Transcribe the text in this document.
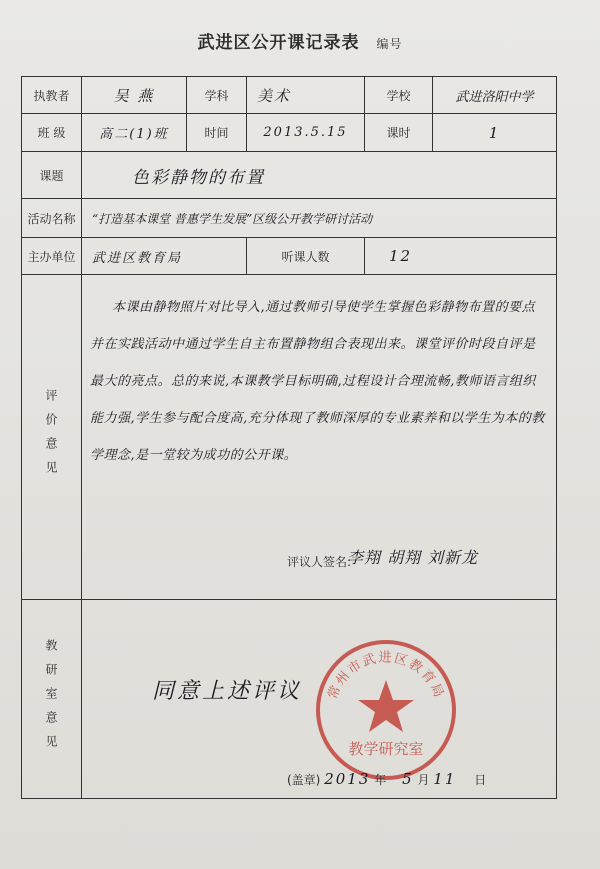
武进区公开课记录表 编号
执教者	吴 燕	学科	美术	学校	武进洛阳中学

班 级	高二(1)班	时间	2013.5.15	课时	1

课题	色彩静物的布置				
活动名称	“打造基本课堂 普惠学生发展”区级公开教学研讨活动				
主办单位	武进区教育局		听课人数	12	

评价意见	本课由静物照片对比导入,通过教师引导使学生掌握色彩静物布置的要点并在实践活动中通过学生自主布置静物组合表现出来。课堂评价时段自评是最大的亮点。总的来说,本课教学目标明确,过程设计合理流畅,教师语言组织能力强,学生参与配合度高,充分体现了教师深厚的专业素养和以学生为本的教学理念,是一堂较为成功的公开课。
评议人签名:
李翔 胡翔 刘新龙				

教研室意见	同意上述评议 常州市武进区教育局
教学研究室
(盖章) 2013 年 5 月 11 日				
